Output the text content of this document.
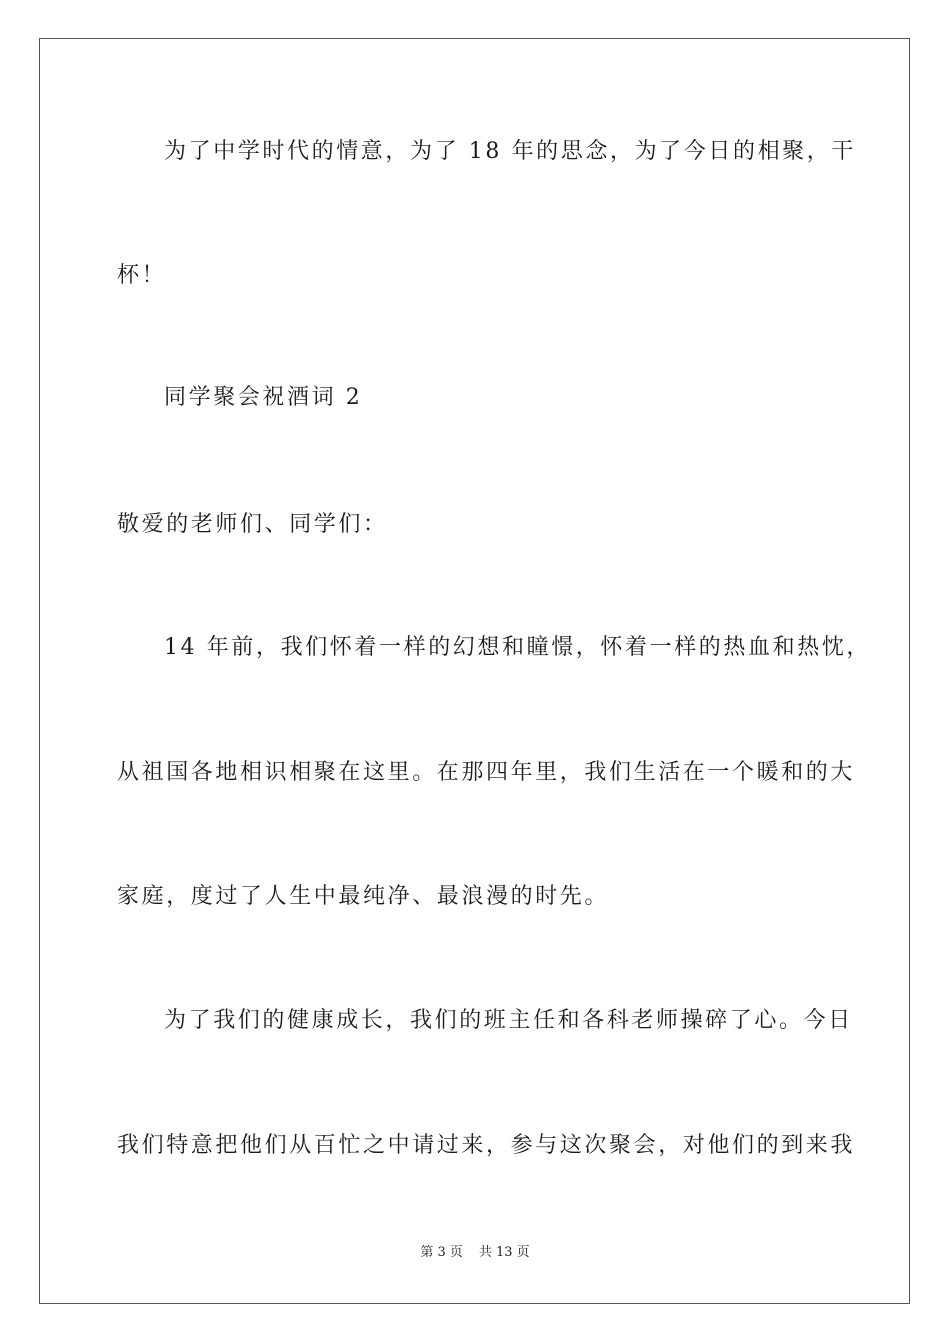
为了中学时代的情意，为了 18 年的思念，为了今日的相聚，干
杯！
同学聚会祝酒词 2
敬爱的老师们、同学们：
14 年前，我们怀着一样的幻想和瞳憬，怀着一样的热血和热忱，
从祖国各地相识相聚在这里。在那四年里，我们生活在一个暖和的大
家庭，度过了人生中最纯净、最浪漫的时先。
为了我们的健康成长，我们的班主任和各科老师操碎了心。今日
我们特意把他们从百忙之中请过来，参与这次聚会，对他们的到来我
第 3 页 共 13 页
